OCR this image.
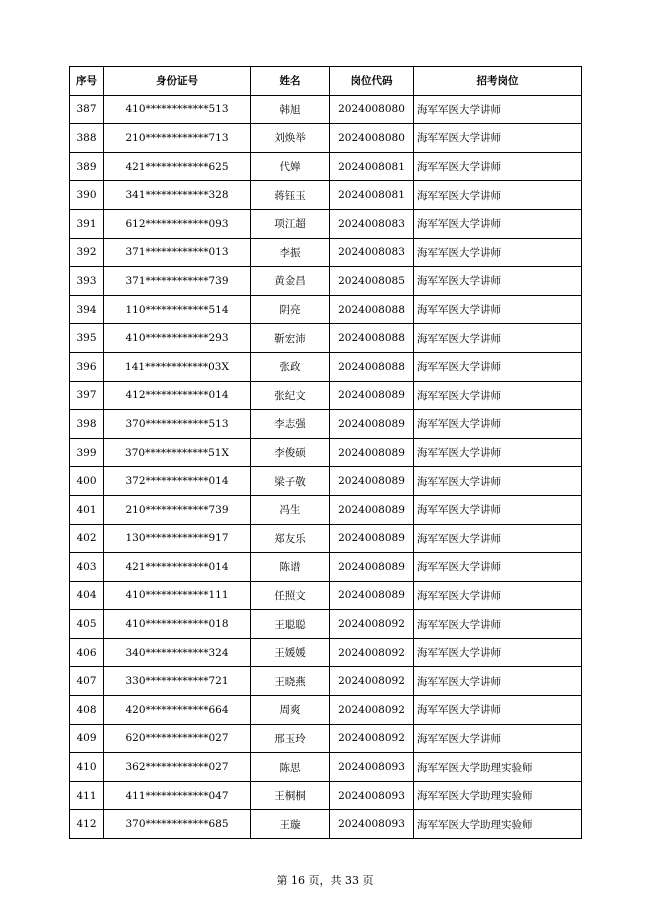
序号	身份证号	姓名	岗位代码	招考岗位
387	410************513	韩旭	2024008080	海军军医大学讲师
388	210************713	刘焕举	2024008080	海军军医大学讲师
389	421************625	代婵	2024008081	海军军医大学讲师
390	341************328	蒋钰玉	2024008081	海军军医大学讲师
391	612************093	项江超	2024008083	海军军医大学讲师
392	371************013	李振	2024008083	海军军医大学讲师
393	371************739	黄金昌	2024008085	海军军医大学讲师
394	110************514	阴亮	2024008088	海军军医大学讲师
395	410************293	靳宏沛	2024008088	海军军医大学讲师
396	141************03X	张政	2024008088	海军军医大学讲师
397	412************014	张纪文	2024008089	海军军医大学讲师
398	370************513	李志强	2024008089	海军军医大学讲师
399	370************51X	李俊硕	2024008089	海军军医大学讲师
400	372************014	梁子敬	2024008089	海军军医大学讲师
401	210************739	冯生	2024008089	海军军医大学讲师
402	130************917	郑友乐	2024008089	海军军医大学讲师
403	421************014	陈谱	2024008089	海军军医大学讲师
404	410************111	任照文	2024008089	海军军医大学讲师
405	410************018	王聪聪	2024008092	海军军医大学讲师
406	340************324	王媛媛	2024008092	海军军医大学讲师
407	330************721	王晓燕	2024008092	海军军医大学讲师
408	420************664	周爽	2024008092	海军军医大学讲师
409	620************027	邢玉玲	2024008092	海军军医大学讲师
410	362************027	陈思	2024008093	海军军医大学助理实验师
411	411************047	王桐桐	2024008093	海军军医大学助理实验师
412	370************685	王璇	2024008093	海军军医大学助理实验师
第 16 页，共 33 页
